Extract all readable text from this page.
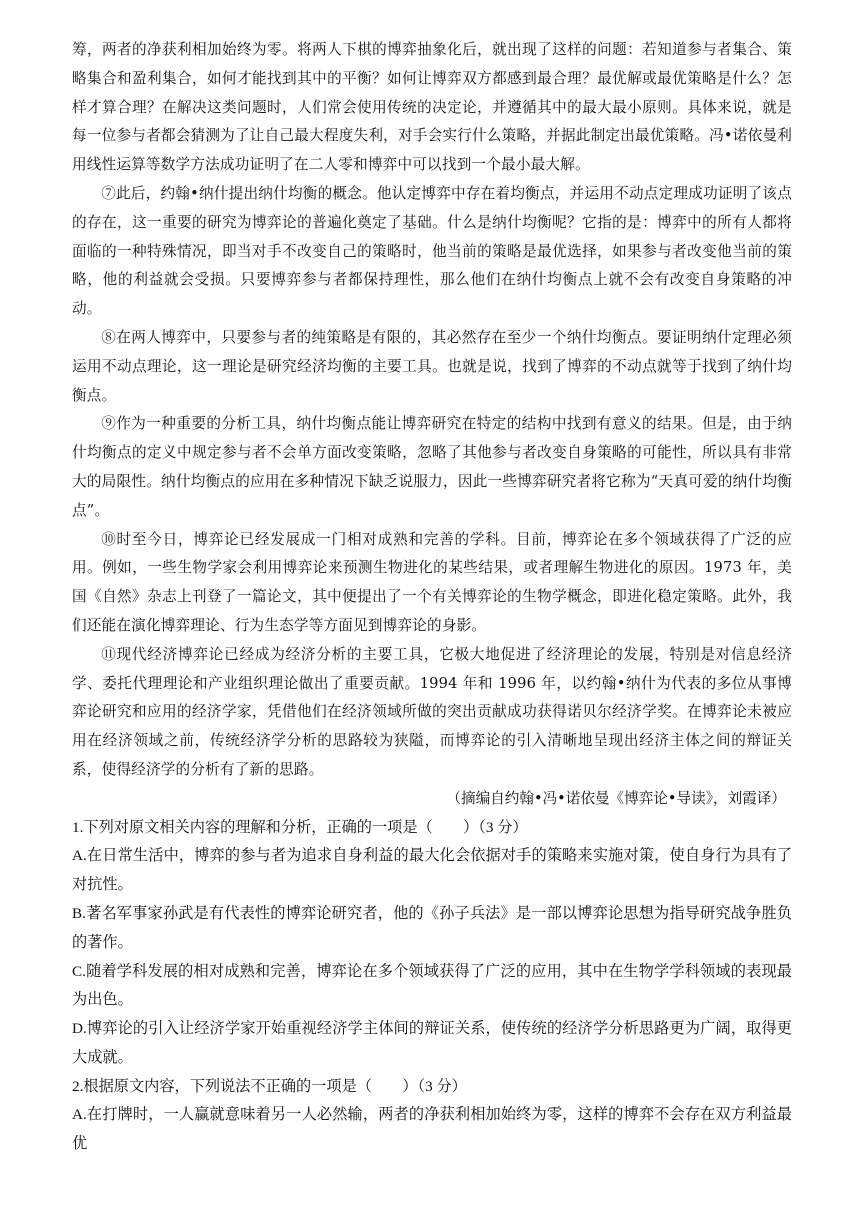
筹，两者的净获利相加始终为零。将两人下棋的博弈抽象化后，就出现了这样的问题：若知道参与者集合、策略集合和盈利集合，如何才能找到其中的平衡？如何让博弈双方都感到最合理？最优解或最优策略是什么？怎样才算合理？在解决这类问题时，人们常会使用传统的决定论，并遵循其中的最大最小原则。具体来说，就是每一位参与者都会猜测为了让自己最大程度失利，对手会实行什么策略，并据此制定出最优策略。冯•诺依曼利用线性运算等数学方法成功证明了在二人零和博弈中可以找到一个最小最大解。

⑦此后，约翰•纳什提出纳什均衡的概念。他认定博弈中存在着均衡点，并运用不动点定理成功证明了该点的存在，这一重要的研究为博弈论的普遍化奠定了基础。什么是纳什均衡呢？它指的是：博弈中的所有人都将面临的一种特殊情况，即当对手不改变自己的策略时，他当前的策略是最优选择，如果参与者改变他当前的策略，他的利益就会受损。只要博弈参与者都保持理性，那么他们在纳什均衡点上就不会有改变自身策略的冲动。

⑧在两人博弈中，只要参与者的纯策略是有限的，其必然存在至少一个纳什均衡点。要证明纳什定理必须运用不动点理论，这一理论是研究经济均衡的主要工具。也就是说，找到了博弈的不动点就等于找到了纳什均衡点。

⑨作为一种重要的分析工具，纳什均衡点能让博弈研究在特定的结构中找到有意义的结果。但是，由于纳什均衡点的定义中规定参与者不会单方面改变策略，忽略了其他参与者改变自身策略的可能性，所以具有非常大的局限性。纳什均衡点的应用在多种情况下缺乏说服力，因此一些博弈研究者将它称为“天真可爱的纳什均衡点”。

⑩时至今日，博弈论已经发展成一门相对成熟和完善的学科。目前，博弈论在多个领域获得了广泛的应用。例如，一些生物学家会利用博弈论来预测生物进化的某些结果，或者理解生物进化的原因。1973 年，美国《自然》杂志上刊登了一篇论文，其中便提出了一个有关博弈论的生物学概念，即进化稳定策略。此外，我们还能在演化博弈理论、行为生态学等方面见到博弈论的身影。

⑪现代经济博弈论已经成为经济分析的主要工具，它极大地促进了经济理论的发展，特别是对信息经济学、委托代理理论和产业组织理论做出了重要贡献。1994 年和 1996 年，以约翰•纳什为代表的多位从事博弈论研究和应用的经济学家，凭借他们在经济领域所做的突出贡献成功获得诺贝尔经济学奖。在博弈论未被应用在经济领域之前，传统经济学分析的思路较为狭隘，而博弈论的引入清晰地呈现出经济主体之间的辩证关系，使得经济学的分析有了新的思路。

（摘编自约翰•冯•诺依曼《博弈论•导读》，刘霞译）

1.下列对原文相关内容的理解和分析，正确的一项是（　　）（3 分）

A.在日常生活中，博弈的参与者为追求自身利益的最大化会依据对手的策略来实施对策，使自身行为具有了对抗性。

B.著名军事家孙武是有代表性的博弈论研究者，他的《孙子兵法》是一部以博弈论思想为指导研究战争胜负的著作。

C.随着学科发展的相对成熟和完善，博弈论在多个领域获得了广泛的应用，其中在生物学学科领域的表现最为出色。

D.博弈论的引入让经济学家开始重视经济学主体间的辩证关系，使传统的经济学分析思路更为广阔，取得更大成就。

2.根据原文内容，下列说法不正确的一项是（　　）（3 分）

A.在打牌时，一人赢就意味着另一人必然输，两者的净获利相加始终为零，这样的博弈不会存在双方利益最优
